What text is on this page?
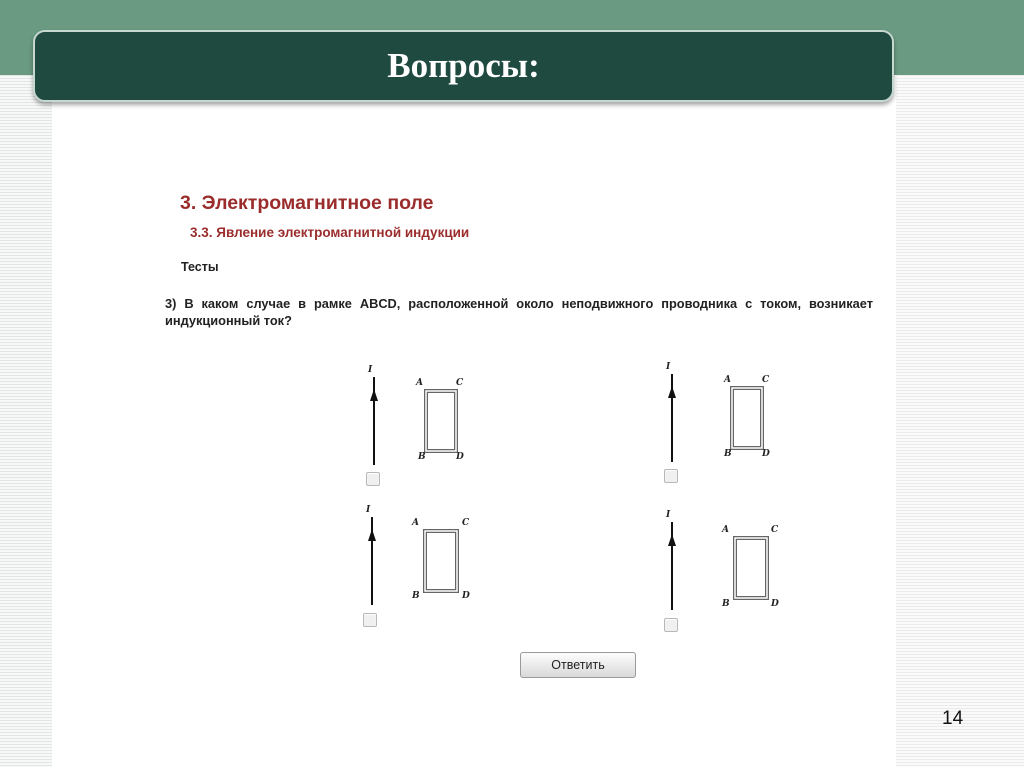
Вопросы:
3. Электромагнитное поле
3.3. Явление электромагнитной индукции
Тесты
3) В каком случае в рамке ABCD, расположенной около неподвижного проводника с током, возникает индукционный ток?
I
A	C
B	D
I
A	C
B	D
I
A	C
B	D
I
A	C
B	D
Ответить
14
